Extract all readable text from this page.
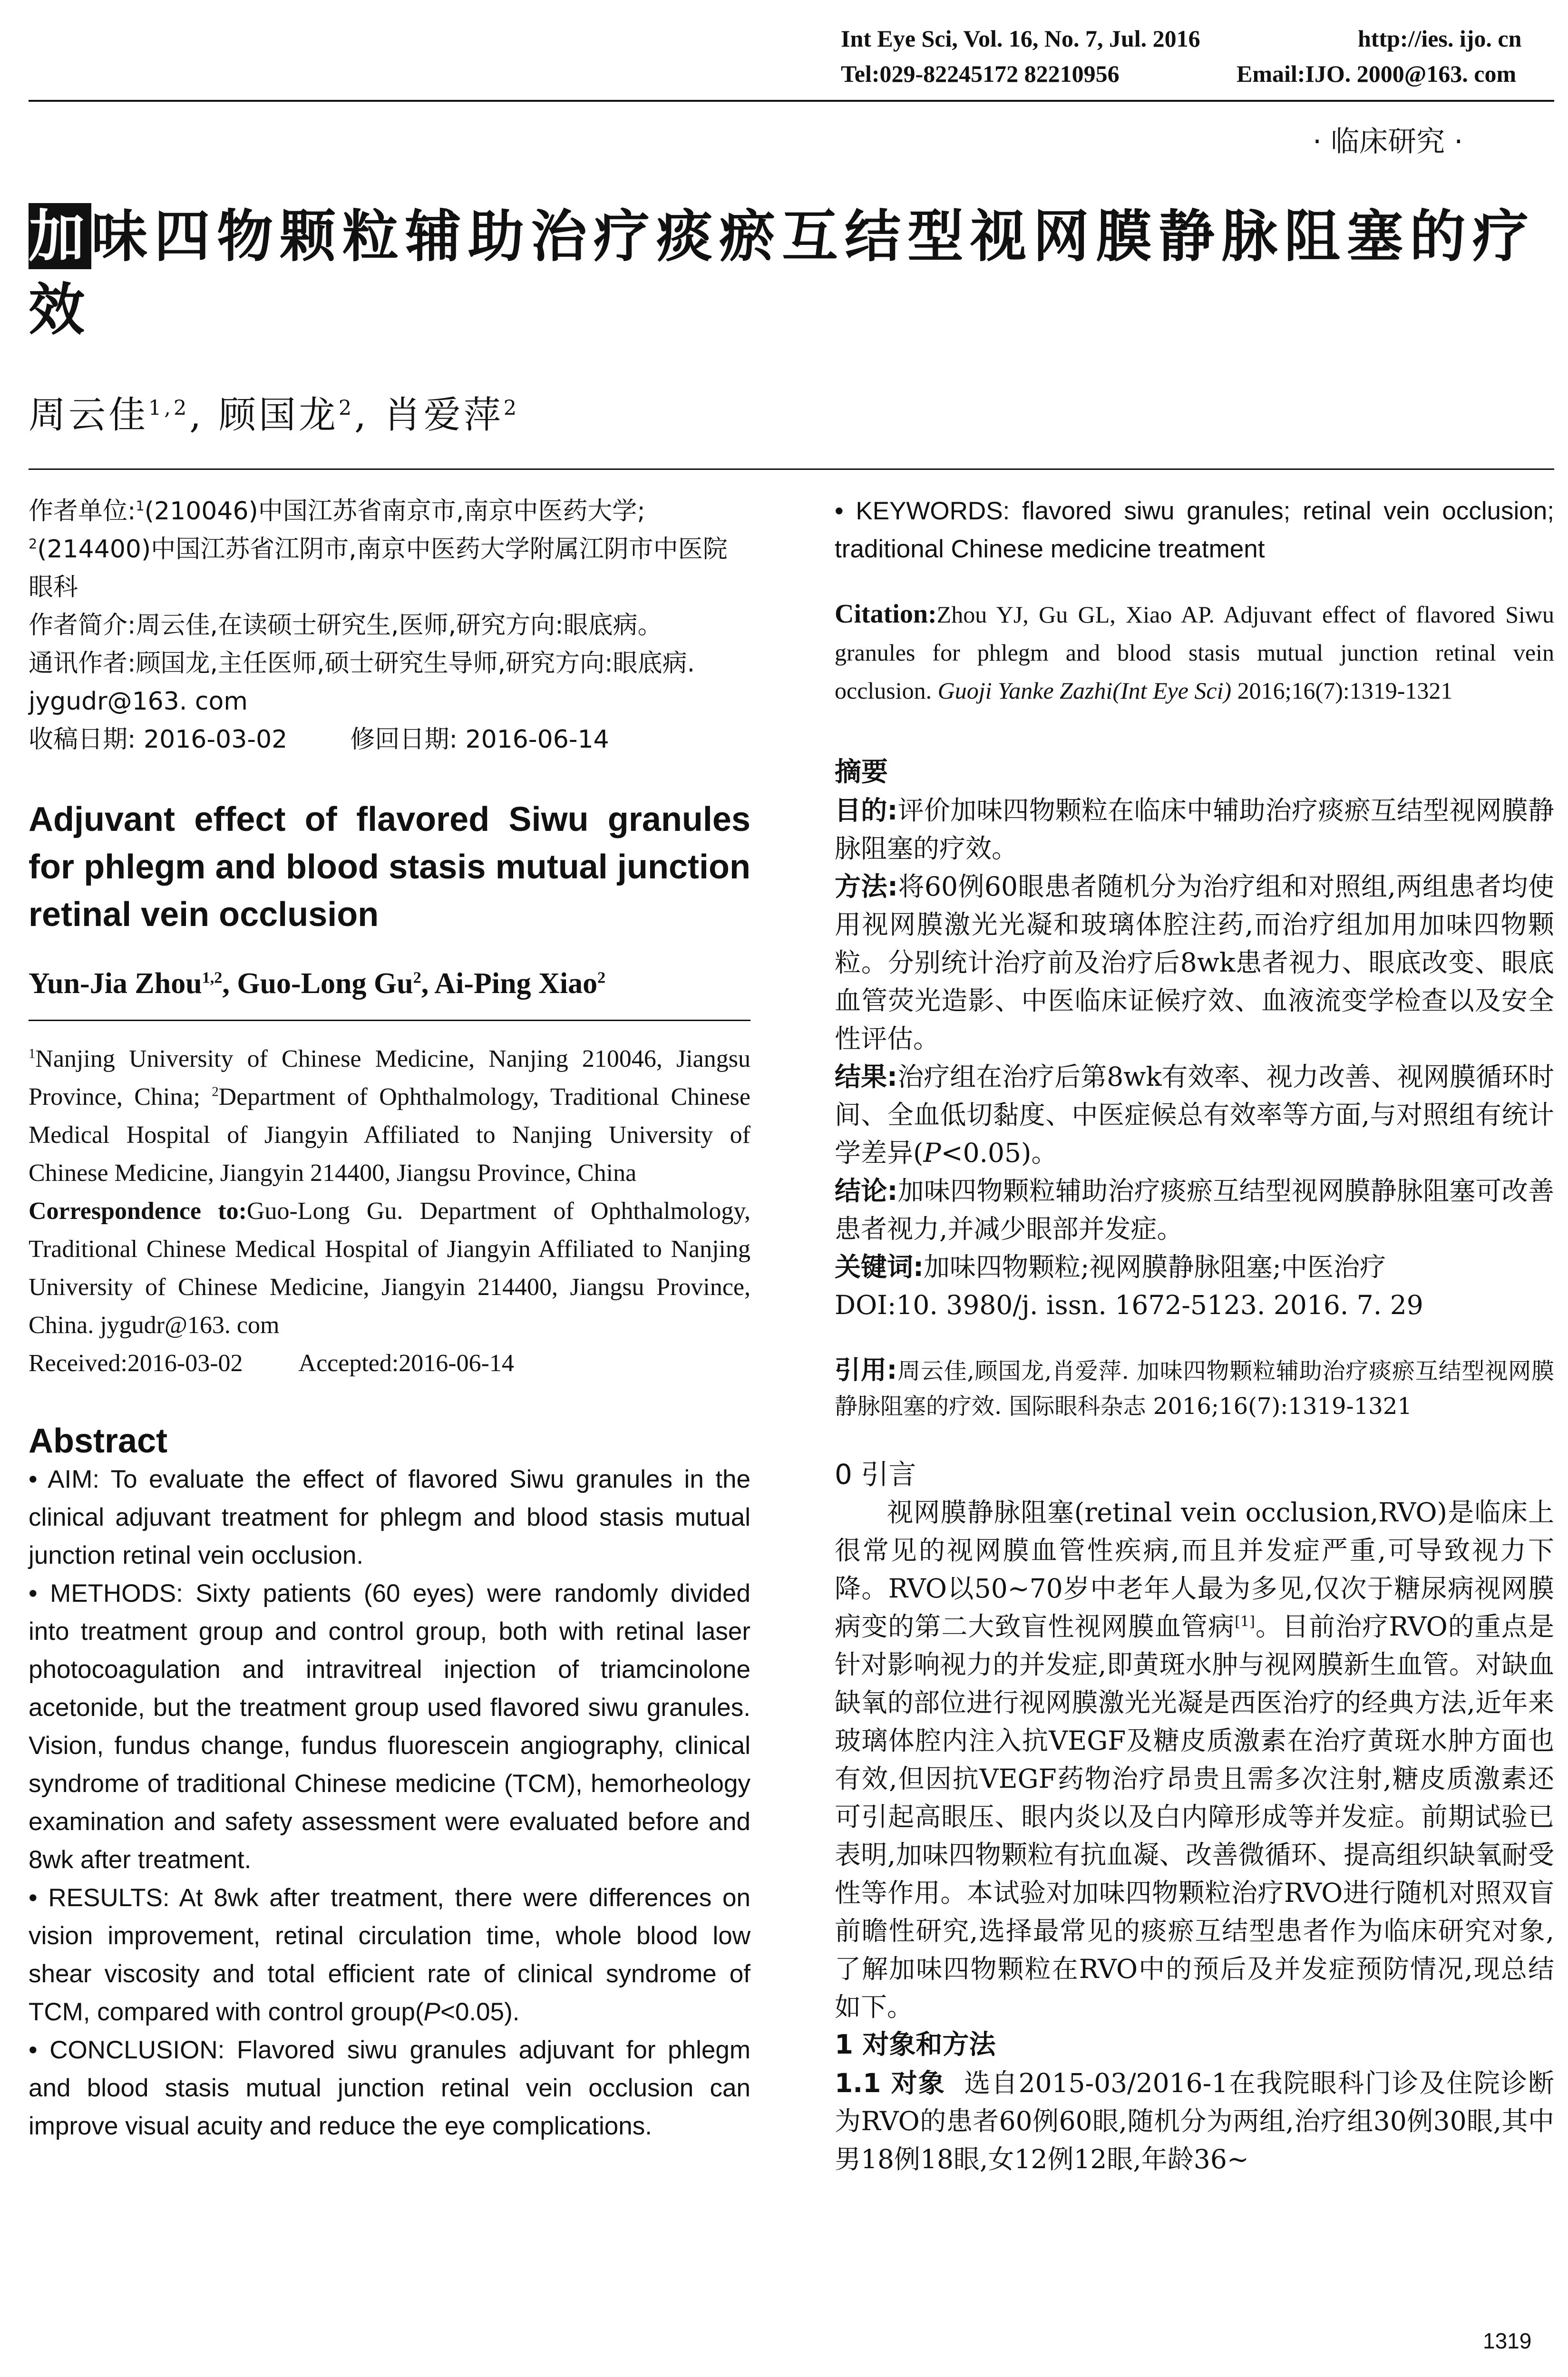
Int Eye Sci, Vol. 16, No. 7, Jul. 2016	http://ies. ijo. cn
Tel:029-82245172 82210956	Email:IJO. 2000@163. com
· 临床研究 ·
加味四物颗粒辅助治疗痰瘀互结型视网膜静脉阻塞的疗效
周云佳$^{1,2}$, 顾国龙$^2$, 肖爱萍$^2$

作者单位:$^1$(210046)中国江苏省南京市,南京中医药大学;
$^2$(214400)中国江苏省江阴市,南京中医药大学附属江阴市中医院眼科

作者简介:周云佳,在读硕士研究生,医师,研究方向:眼底病。

通讯作者:顾国龙,主任医师,硕士研究生导师,研究方向:眼底病. jygudr@163. com

收稿日期: 2016-03-02	修回日期: 2016-06-14

Adjuvant effect of flavored Siwu granules for phlegm and blood stasis mutual junction retinal vein occlusion

Yun-Jia Zhou$^{1,2}$, Guo-Long Gu$^2$, Ai-Ping Xiao$^2$

$^1$Nanjing University of Chinese Medicine, Nanjing 210046, Jiangsu Province, China; $^2$Department of Ophthalmology, Traditional Chinese Medical Hospital of Jiangyin Affiliated to Nanjing University of Chinese Medicine, Jiangyin 214400, Jiangsu Province, China

Correspondence to:Guo-Long Gu. Department of Ophthalmology, Traditional Chinese Medical Hospital of Jiangyin Affiliated to Nanjing University of Chinese Medicine, Jiangyin 214400, Jiangsu Province, China. jygudr@163. com

Received:2016-03-02 Accepted:2016-06-14

Abstract

• AIM: To evaluate the effect of flavored Siwu granules in the clinical adjuvant treatment for phlegm and blood stasis mutual junction retinal vein occlusion.

• METHODS: Sixty patients (60 eyes) were randomly divided into treatment group and control group, both with retinal laser photocoagulation and intravitreal injection of triamcinolone acetonide, but the treatment group used flavored siwu granules. Vision, fundus change, fundus fluorescein angiography, clinical syndrome of traditional Chinese medicine (TCM), hemorheology examination and safety assessment were evaluated before and 8wk after treatment.

• RESULTS: At 8wk after treatment, there were differences on vision improvement, retinal circulation time, whole blood low shear viscosity and total efficient rate of clinical syndrome of TCM, compared with control group(P<0.05).

• CONCLUSION: Flavored siwu granules adjuvant for phlegm and blood stasis mutual junction retinal vein occlusion can improve visual acuity and reduce the eye complications.

• KEYWORDS: flavored siwu granules; retinal vein occlusion; traditional Chinese medicine treatment

Citation:Zhou YJ, Gu GL, Xiao AP. Adjuvant effect of flavored Siwu granules for phlegm and blood stasis mutual junction retinal vein occlusion. Guoji Yanke Zazhi(Int Eye Sci) 2016;16(7):1319-1321

摘要

目的:评价加味四物颗粒在临床中辅助治疗痰瘀互结型视网膜静脉阻塞的疗效。

方法:将60例60眼患者随机分为治疗组和对照组,两组患者均使用视网膜激光光凝和玻璃体腔注药,而治疗组加用加味四物颗粒。分别统计治疗前及治疗后8wk患者视力、眼底改变、眼底血管荧光造影、中医临床证候疗效、血液流变学检查以及安全性评估。

结果:治疗组在治疗后第8wk有效率、视力改善、视网膜循环时间、全血低切黏度、中医症候总有效率等方面,与对照组有统计学差异(P<0.05)。

结论:加味四物颗粒辅助治疗痰瘀互结型视网膜静脉阻塞可改善患者视力,并减少眼部并发症。

关键词:加味四物颗粒;视网膜静脉阻塞;中医治疗

DOI:10. 3980/j. issn. 1672-5123. 2016. 7. 29

引用:周云佳,顾国龙,肖爱萍. 加味四物颗粒辅助治疗痰瘀互结型视网膜静脉阻塞的疗效. 国际眼科杂志 2016;16(7):1319-1321

0 引言

视网膜静脉阻塞(retinal vein occlusion,RVO)是临床上很常见的视网膜血管性疾病,而且并发症严重,可导致视力下降。RVO以50~70岁中老年人最为多见,仅次于糖尿病视网膜病变的第二大致盲性视网膜血管病[1]。目前治疗RVO的重点是针对影响视力的并发症,即黄斑水肿与视网膜新生血管。对缺血缺氧的部位进行视网膜激光光凝是西医治疗的经典方法,近年来玻璃体腔内注入抗VEGF及糖皮质激素在治疗黄斑水肿方面也有效,但因抗VEGF药物治疗昂贵且需多次注射,糖皮质激素还可引起高眼压、眼内炎以及白内障形成等并发症。前期试验已表明,加味四物颗粒有抗血凝、改善微循环、提高组织缺氧耐受性等作用。本试验对加味四物颗粒治疗RVO进行随机对照双盲前瞻性研究,选择最常见的痰瘀互结型患者作为临床研究对象,了解加味四物颗粒在RVO中的预后及并发症预防情况,现总结如下。

1 对象和方法

1.1 对象 选自2015-03/2016-1在我院眼科门诊及住院诊断为RVO的患者60例60眼,随机分为两组,治疗组30例30眼,其中男18例18眼,女12例12眼,年龄36~

1319
